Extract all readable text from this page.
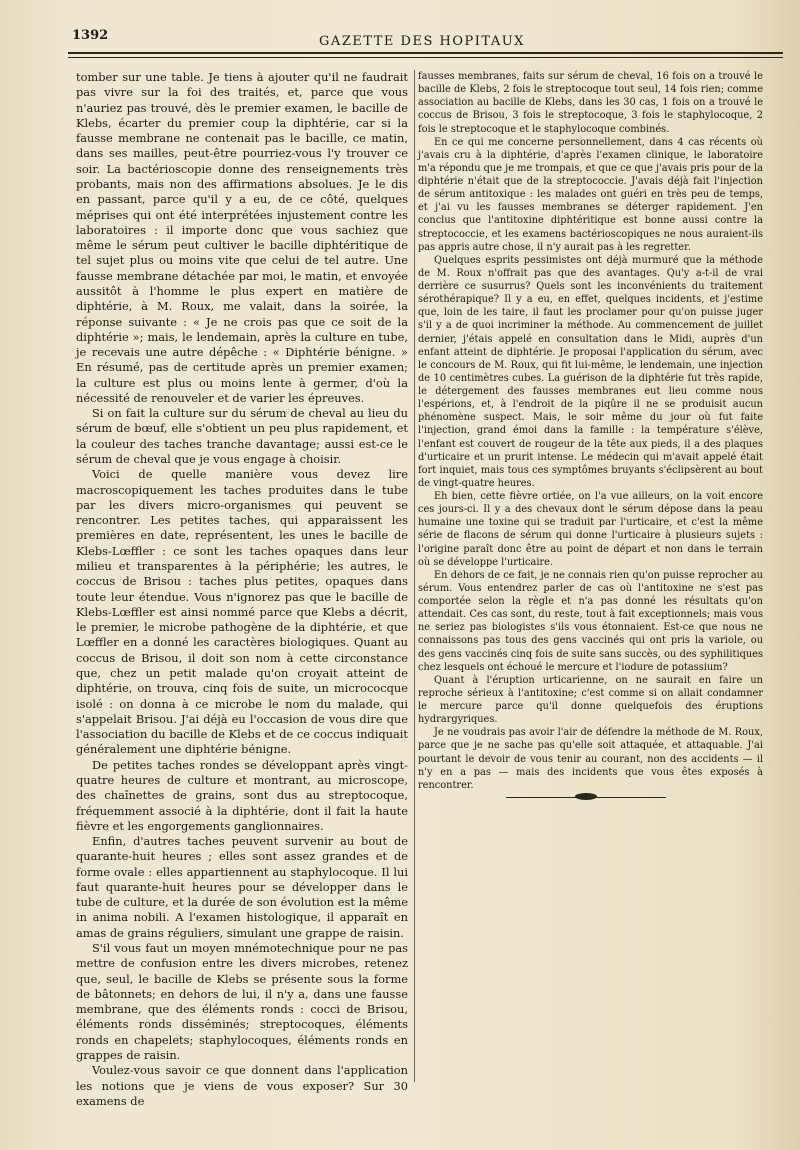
1392	GAZETTE DES HOPITAUX

tomber sur une table. Je tiens à ajouter qu'il ne faudrait pas vivre sur la foi des traités, et, parce que vous n'auriez pas trouvé, dès le premier examen, le bacille de Klebs, écarter du premier coup la diphtérie, car si la fausse membrane ne contenait pas le bacille, ce matin, dans ses mailles, peut-être pourriez-vous l'y trouver ce soir. La bactérioscopie donne des renseignements très probants, mais non des affirmations absolues. Je le dis en passant, parce qu'il y a eu, de ce côté, quelques méprises qui ont été interprétées injustement contre les laboratoires : il importe donc que vous sachiez que même le sérum peut cultiver le bacille diphtéritique de tel sujet plus ou moins vite que celui de tel autre. Une fausse membrane détachée par moi, le matin, et envoyée aussitôt à l'homme le plus expert en matière de diphtérie, à M. Roux, me valait, dans la soirée, la réponse suivante : « Je ne crois pas que ce soit de la diphtérie »; mais, le lendemain, après la culture en tube, je recevais une autre dépêche : « Diphtérie bénigne. » En résumé, pas de certitude après un premier examen; la culture est plus ou moins lente à germer, d'où la nécessité de renouveler et de varier les épreuves.

Si on fait la culture sur du sérum de cheval au lieu du sérum de bœuf, elle s'obtient un peu plus rapidement, et la couleur des taches tranche davantage; aussi est-ce le sérum de cheval que je vous engage à choisir.

Voici de quelle manière vous devez lire macroscopiquement les taches produites dans le tube par les divers micro-organismes qui peuvent se rencontrer. Les petites taches, qui apparaissent les premières en date, représentent, les unes le bacille de Klebs-Lœffler : ce sont les taches opaques dans leur milieu et transparentes à la périphérie; les autres, le coccus de Brisou : taches plus petites, opaques dans toute leur étendue. Vous n'ignorez pas que le bacille de Klebs-Lœffler est ainsi nommé parce que Klebs a décrit, le premier, le microbe pathogène de la diphtérie, et que Lœffler en a donné les caractères biologiques. Quant au coccus de Brisou, il doit son nom à cette circonstance que, chez un petit malade qu'on croyait atteint de diphtérie, on trouva, cinq fois de suite, un micrococque isolé : on donna à ce microbe le nom du malade, qui s'appelait Brisou. J'ai déjà eu l'occasion de vous dire que l'association du bacille de Klebs et de ce coccus indiquait généralement une diphtérie bénigne.

De petites taches rondes se développant après vingt-quatre heures de culture et montrant, au microscope, des chaînettes de grains, sont dus au streptocoque, fréquemment associé à la diphtérie, dont il fait la haute fièvre et les engorgements ganglionnaires.

Enfin, d'autres taches peuvent survenir au bout de quarante-huit heures ; elles sont assez grandes et de forme ovale : elles appartiennent au staphylocoque. Il lui faut quarante-huit heures pour se développer dans le tube de culture, et la durée de son évolution est la même in anima nobili. A l'examen histologique, il apparaît en amas de grains réguliers, simulant une grappe de raisin.

S'il vous faut un moyen mnémotechnique pour ne pas mettre de confusion entre les divers microbes, retenez que, seul, le bacille de Klebs se présente sous la forme de bâtonnets; en dehors de lui, il n'y a, dans une fausse membrane, que des éléments ronds : cocci de Brisou, éléments ronds disséminés; streptocoques, éléments ronds en chapelets; staphylocoques, éléments ronds en grappes de raisin.

Voulez-vous savoir ce que donnent dans l'application les notions que je viens de vous exposer? Sur 30 examens de

fausses membranes, faits sur sérum de cheval, 16 fois on a trouvé le bacille de Klebs, 2 fois le streptocoque tout seul, 14 fois rien; comme association au bacille de Klebs, dans les 30 cas, 1 fois on a trouvé le coccus de Brisou, 3 fois le streptocoque, 3 fois le staphylocoque, 2 fois le streptocoque et le staphylocoque combinés.

En ce qui me concerne personnellement, dans 4 cas récents où j'avais cru à la diphtérie, d'après l'examen clinique, le laboratoire m'a répondu que je me trompais, et que ce que j'avais pris pour de la diphtérie n'était que de la streptococcie. J'avais déjà fait l'injection de sérum antitoxique : les malades ont guéri en très peu de temps, et j'ai vu les fausses membranes se déterger rapidement. J'en conclus que l'antitoxine diphtéritique est bonne aussi contre la streptococcie, et les examens bactérioscopiques ne nous auraient-ils pas appris autre chose, il n'y aurait pas à les regretter.

Quelques esprits pessimistes ont déjà murmuré que la méthode de M. Roux n'offrait pas que des avantages. Qu'y a-t-il de vrai derrière ce susurrus? Quels sont les inconvénients du traitement sérothérapique? Il y a eu, en effet, quelques incidents, et j'estime que, loin de les taire, il faut les proclamer pour qu'on puisse juger s'il y a de quoi incriminer la méthode. Au commencement de juillet dernier, j'étais appelé en consultation dans le Midi, auprès d'un enfant atteint de diphtérie. Je proposai l'application du sérum, avec le concours de M. Roux, qui fit lui-même, le lendemain, une injection de 10 centimètres cubes. La guérison de la diphtérie fut très rapide, le détergement des fausses membranes eut lieu comme nous l'espérions, et, à l'endroit de la piqûre il ne se produisit aucun phénomène suspect. Mais, le soir même du jour où fut faite l'injection, grand émoi dans la famille : la température s'élève, l'enfant est couvert de rougeur de la tête aux pieds, il a des plaques d'urticaire et un prurit intense. Le médecin qui m'avait appelé était fort inquiet, mais tous ces symptômes bruyants s'éclipsèrent au bout de vingt-quatre heures.

Eh bien, cette fièvre ortiée, on l'a vue ailleurs, on la voit encore ces jours-ci. Il y a des chevaux dont le sérum dépose dans la peau humaine une toxine qui se traduit par l'urticaire, et c'est la même série de flacons de sérum qui donne l'urticaire à plusieurs sujets : l'origine paraît donc être au point de départ et non dans le terrain où se développe l'urticaire.

En dehors de ce fait, je ne connais rien qu'on puisse reprocher au sérum. Vous entendrez parler de cas où l'antitoxine ne s'est pas comportée selon la règle et n'a pas donné les résultats qu'on attendait. Ces cas sont, du reste, tout à fait exceptionnels; mais vous ne seriez pas biologistes s'ils vous étonnaient. Est-ce que nous ne connaissons pas tous des gens vaccinés qui ont pris la variole, ou des gens vaccinés cinq fois de suite sans succès, ou des syphilitiques chez lesquels ont échoué le mercure et l'iodure de potassium?

Quant à l'éruption urticarienne, on ne saurait en faire un reproche sérieux à l'antitoxine; c'est comme si on allait condamner le mercure parce qu'il donne quelquefois des éruptions hydrargyriques.

Je ne voudrais pas avoir l'air de défendre la méthode de M. Roux, parce que je ne sache pas qu'elle soit attaquée, et attaquable. J'ai pourtant le devoir de vous tenir au courant, non des accidents — il n'y en a pas — mais des incidents que vous êtes exposés à rencontrer.
